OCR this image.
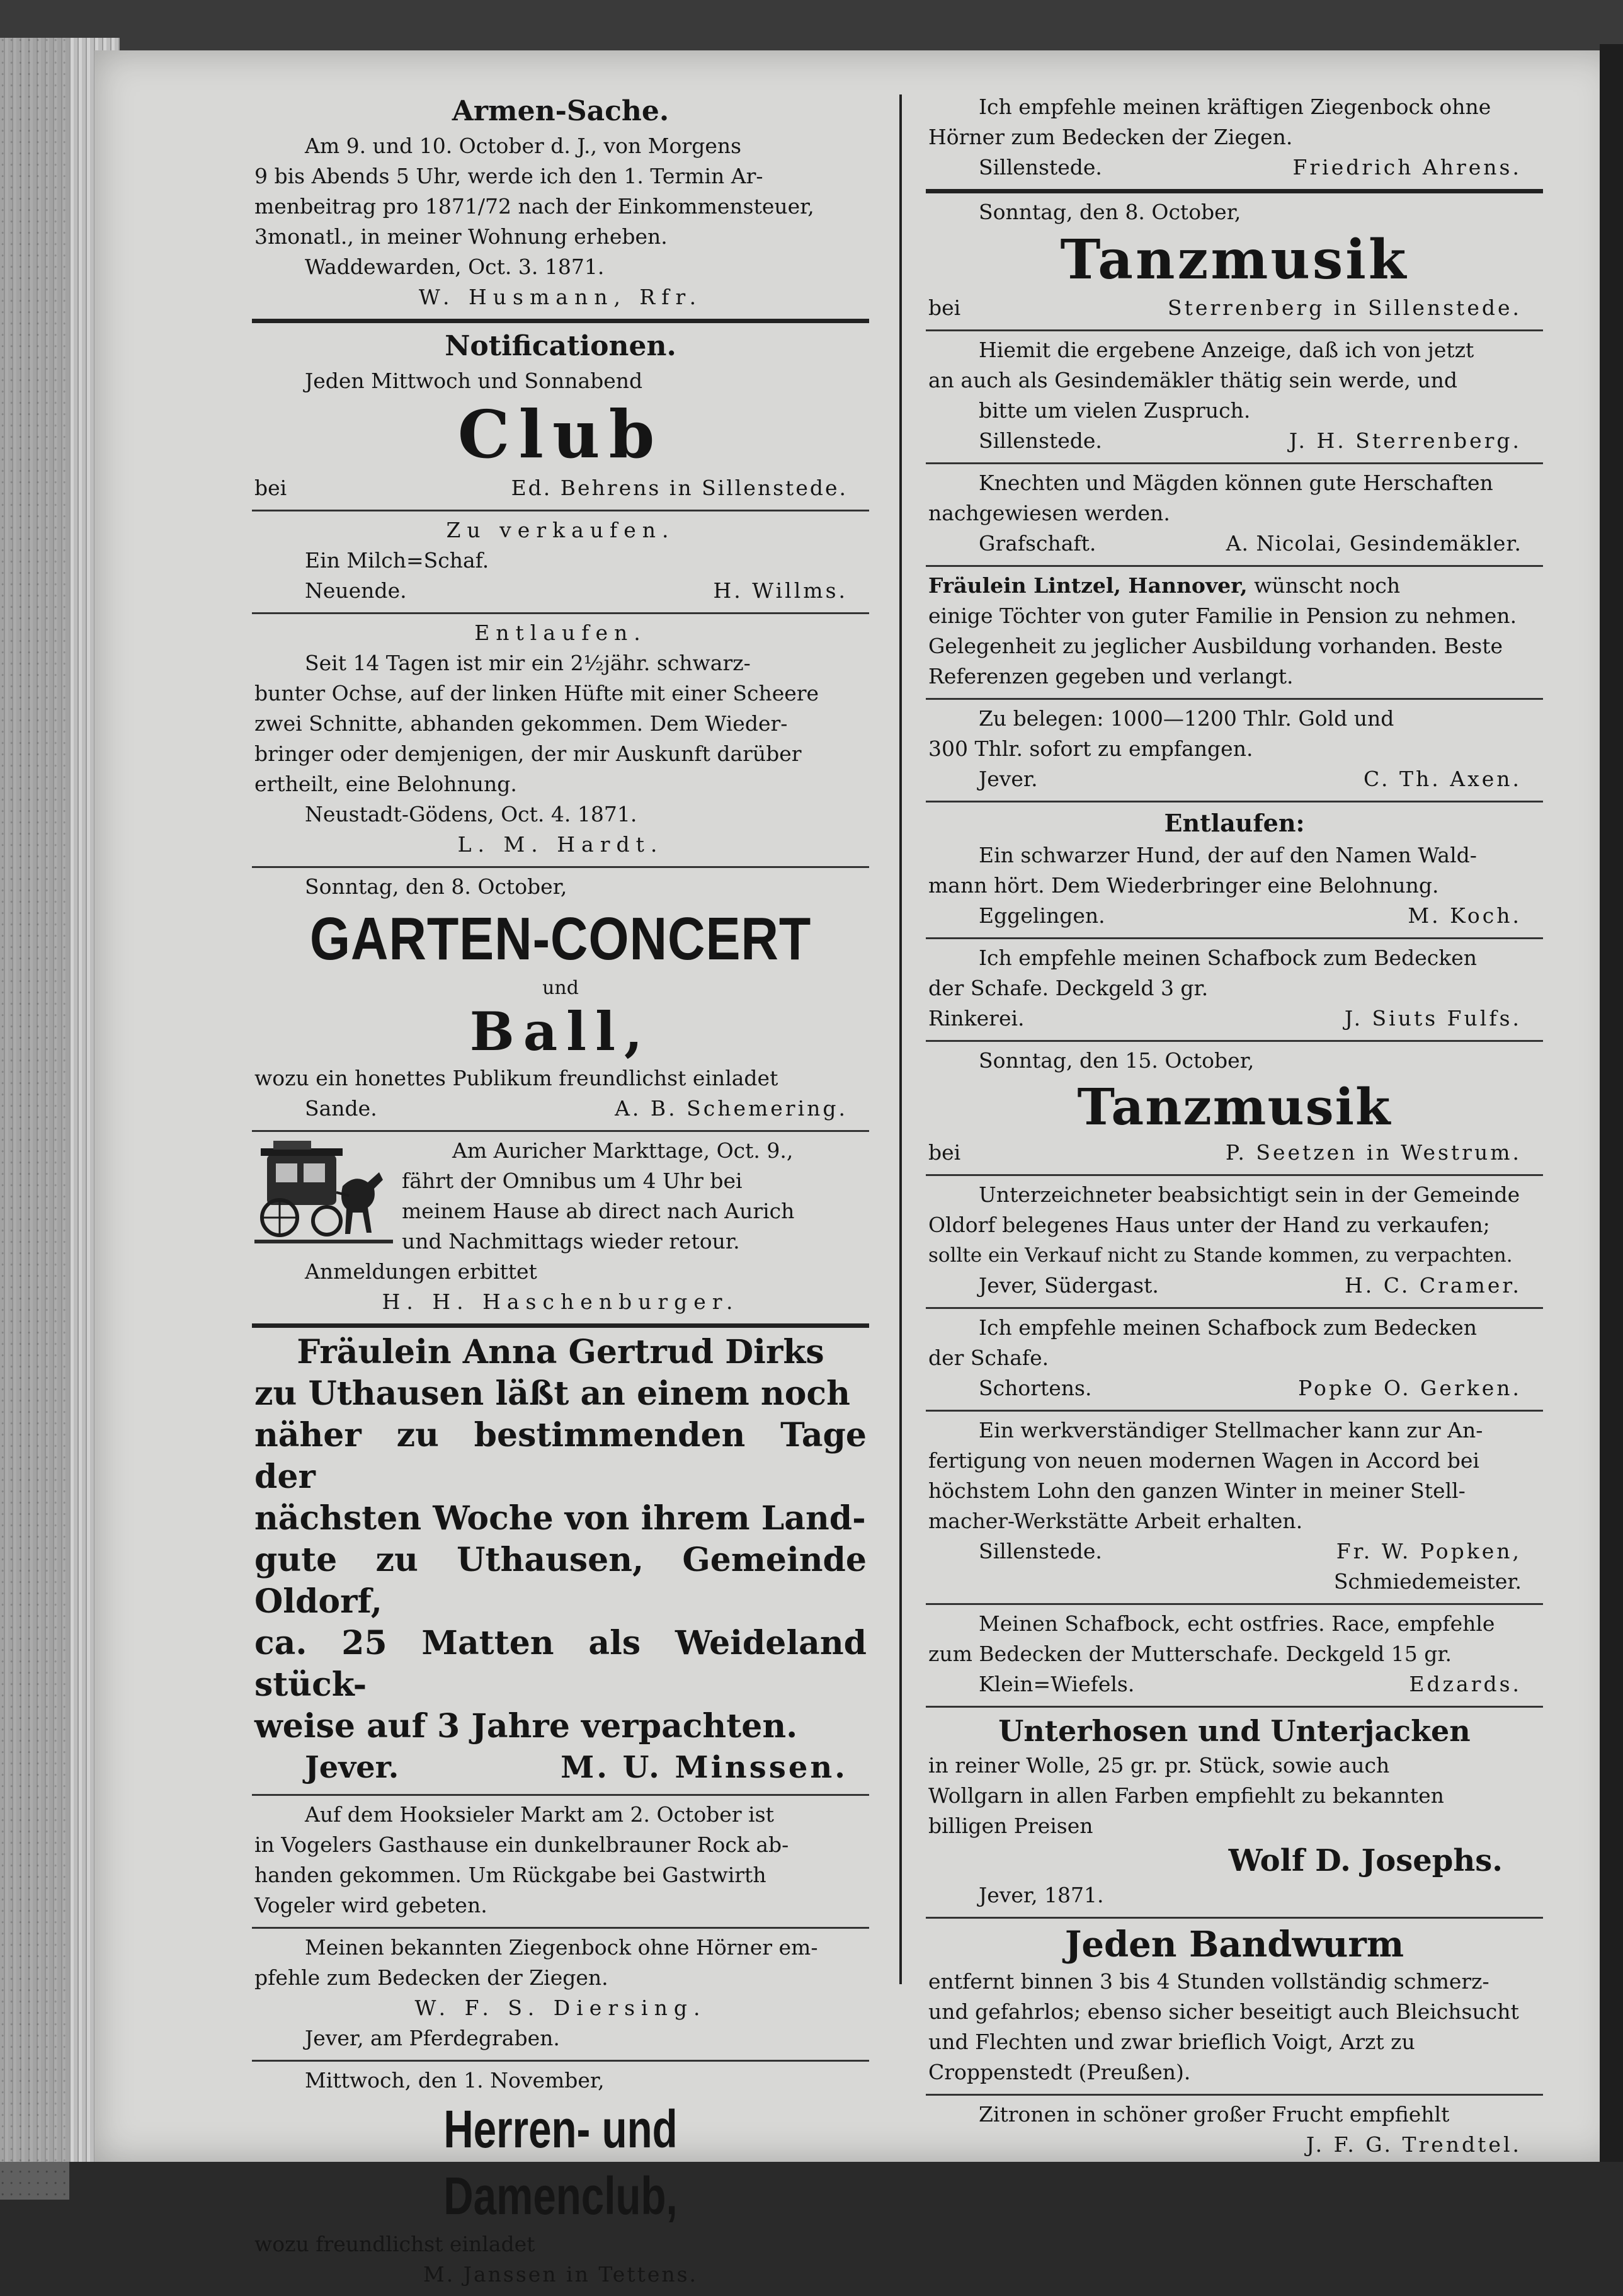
Armen-Sache.

Am 9. und 10. October d. J., von Morgens

9 bis Abends 5 Uhr, werde ich den 1. Termin Ar-

menbeitrag pro 1871/72 nach der Einkommensteuer,

3monatl., in meiner Wohnung erheben.

Waddewarden, Oct. 3. 1871.

W. Husmann, Rfr.

Notificationen.

Jeden Mittwoch und Sonnabend

Club

bei	Ed. Behrens in Sillenstede.

Zu verkaufen.

Ein Milch=Schaf.

Neuende.	H. Willms.

Entlaufen.

Seit 14 Tagen ist mir ein 2½jähr. schwarz-

bunter Ochse, auf der linken Hüfte mit einer Scheere

zwei Schnitte, abhanden gekommen. Dem Wieder-

bringer oder demjenigen, der mir Auskunft darüber

ertheilt, eine Belohnung.

Neustadt-Gödens, Oct. 4. 1871.

L. M. Hardt.

Sonntag, den 8. October,

GARTEN-CONCERT

und

Ball,

wozu ein honettes Publikum freundlichst einladet

Sande.	A. B. Schemering.

Am Auricher Markttage, Oct. 9.,

fährt der Omnibus um 4 Uhr bei

meinem Hause ab direct nach Aurich

und Nachmittags wieder retour.

Anmeldungen erbittet

H. H. Haschenburger.

Fräulein Anna Gertrud Dirks

zu Uthausen läßt an einem noch

näher zu bestimmenden Tage der

nächsten Woche von ihrem Land-

gute zu Uthausen, Gemeinde Oldorf,

ca. 25 Matten als Weideland stück-

weise auf 3 Jahre verpachten.

Jever.	M. U. Minssen.

Auf dem Hooksieler Markt am 2. October ist

in Vogelers Gasthause ein dunkelbrauner Rock ab-

handen gekommen. Um Rückgabe bei Gastwirth

Vogeler wird gebeten.

Meinen bekannten Ziegenbock ohne Hörner em-

pfehle zum Bedecken der Ziegen.

W. F. S. Diersing.

Jever, am Pferdegraben.

Mittwoch, den 1. November,

Herren- und Damenclub,

wozu freundlichst einladet

M. Janssen in Tettens.

Ich empfehle meinen kräftigen Ziegenbock ohne

Hörner zum Bedecken der Ziegen.

Sillenstede.	Friedrich Ahrens.

Sonntag, den 8. October,

Tanzmusik

bei	Sterrenberg in Sillenstede.

Hiemit die ergebene Anzeige, daß ich von jetzt

an auch als Gesindemäkler thätig sein werde, und

bitte um vielen Zuspruch.

Sillenstede.	J. H. Sterrenberg.

Knechten und Mägden können gute Herschaften

nachgewiesen werden.

Grafschaft.	A. Nicolai, Gesindemäkler.

Fräulein Lintzel, Hannover, wünscht noch

einige Töchter von guter Familie in Pension zu nehmen.

Gelegenheit zu jeglicher Ausbildung vorhanden. Beste

Referenzen gegeben und verlangt.

Zu belegen: 1000—1200 Thlr. Gold und

300 Thlr. sofort zu empfangen.

Jever.	C. Th. Axen.

Entlaufen:

Ein schwarzer Hund, der auf den Namen Wald-

mann hört. Dem Wiederbringer eine Belohnung.

Eggelingen.	M. Koch.

Ich empfehle meinen Schafbock zum Bedecken

der Schafe. Deckgeld 3 gr.

Rinkerei.	J. Siuts Fulfs.

Sonntag, den 15. October,

Tanzmusik

bei	P. Seetzen in Westrum.

Unterzeichneter beabsichtigt sein in der Gemeinde

Oldorf belegenes Haus unter der Hand zu verkaufen;

sollte ein Verkauf nicht zu Stande kommen, zu verpachten.

Jever, Südergast.	H. C. Cramer.

Ich empfehle meinen Schafbock zum Bedecken

der Schafe.

Schortens.	Popke O. Gerken.

Ein werkverständiger Stellmacher kann zur An-

fertigung von neuen modernen Wagen in Accord bei

höchstem Lohn den ganzen Winter in meiner Stell-

macher-Werkstätte Arbeit erhalten.

Sillenstede.	Fr. W. Popken,

Schmiedemeister.

Meinen Schafbock, echt ostfries. Race, empfehle

zum Bedecken der Mutterschafe. Deckgeld 15 gr.

Klein=Wiefels.	Edzards.

Unterhosen und Unterjacken

in reiner Wolle, 25 gr. pr. Stück, sowie auch

Wollgarn in allen Farben empfiehlt zu bekannten

billigen Preisen

Wolf D. Josephs.

Jever, 1871.

Jeden Bandwurm

entfernt binnen 3 bis 4 Stunden vollständig schmerz-

und gefahrlos; ebenso sicher beseitigt auch Bleichsucht

und Flechten und zwar brieflich Voigt, Arzt zu

Croppenstedt (Preußen).

Zitronen in schöner großer Frucht empfiehlt

J. F. G. Trendtel.
